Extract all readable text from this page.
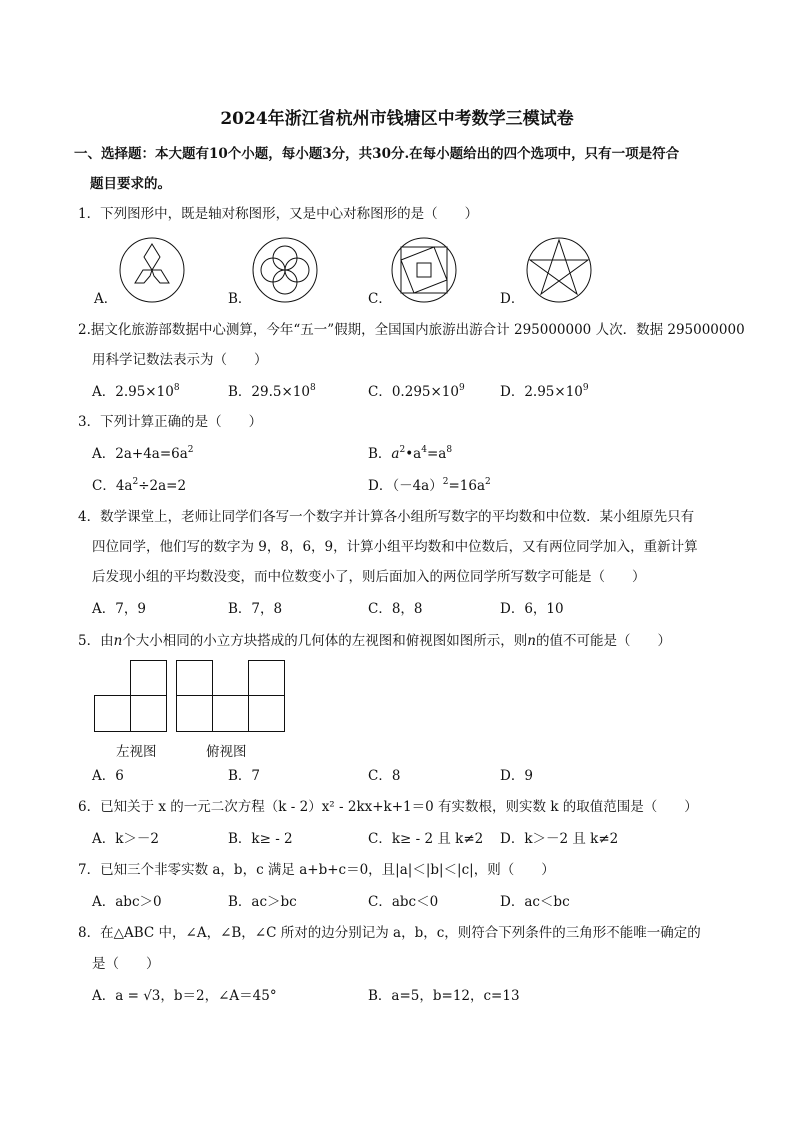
2024年浙江省杭州市钱塘区中考数学三模试卷
一、选择题：本大题有10个小题，每小题3分，共30分.在每小题给出的四个选项中，只有一项是符合
题目要求的。
1．下列图形中，既是轴对称图形，又是中心对称图形的是（　　）
A．	B．	C．	D．
2.据文化旅游部数据中心测算，今年“五一”假期，全国国内旅游出游合计 295000000 人次．数据 295000000
用科学记数法表示为（　　）
A．$2.95\times 10^8$	B．$29.5\times 10^8$	C．$0.295\times 10^9$	D．$2.95\times 10^9$
3．下列计算正确的是（　　）
A．$2a+4a=6a^2$	B．$a^2•a^4=a^8$
C．$4a^2\div 2a=2$	D．$(-4a)^2=16a^2$
4．数学课堂上，老师让同学们各写一个数字并计算各小组所写数字的平均数和中位数．某小组原先只有
四位同学，他们写的数字为 9，8，6，9，计算小组平均数和中位数后，又有两位同学加入，重新计算
后发现小组的平均数没变，而中位数变小了，则后面加入的两位同学所写数字可能是（　　）
A．7，9	B．7，8	C．8，8	D．6，10
5．由n个大小相同的小立方块搭成的几何体的左视图和俯视图如图所示，则n的值不可能是（　　）
左视图	俯视图
A．6	B．7	C．8	D．9
6．已知关于 x 的一元二次方程（k - 2）x² - 2kx+k+1＝0 有实数根，则实数 k 的取值范围是（　　）
A．k＞－2	B．k≥ - 2	C．k≥ - 2 且 k≠2 D．k＞－2 且 k≠2
7．已知三个非零实数 a，b，c 满足 a+b+c＝0，且|a|＜|b|＜|c|，则（　　）
A．abc＞0	B．ac＞bc	C．abc＜0	D．ac＜bc
8．在△ABC 中，∠A，∠B，∠C 所对的边分别记为 a，b，c，则符合下列条件的三角形不能唯一确定的
是（　　）
A．a = √3，b＝2，∠A＝45°	B．a=5，b=12，c=13
